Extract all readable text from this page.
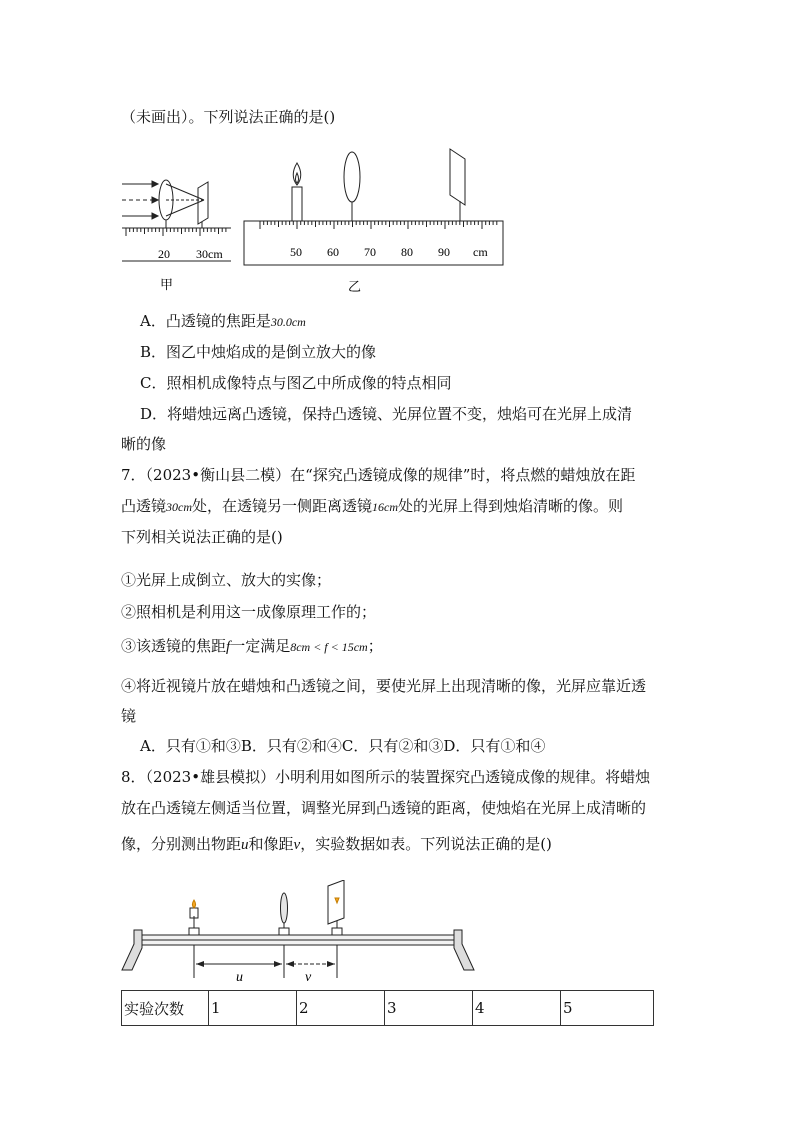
（未画出）。下列说法正确的是()
20 30cm
甲
50 60 70 80 90 cm
乙
A．凸透镜的焦距是30.0cm
B．图乙中烛焰成的是倒立放大的像
C．照相机成像特点与图乙中所成像的特点相同
D．将蜡烛远离凸透镜，保持凸透镜、光屏位置不变，烛焰可在光屏上成清
晰的像
7．（2023•衡山县二模）在“探究凸透镜成像的规律”时，将点燃的蜡烛放在距
凸透镜30cm处，在透镜另一侧距离透镜16cm处的光屏上得到烛焰清晰的像。则
下列相关说法正确的是()
①光屏上成倒立、放大的实像；
②照相机是利用这一成像原理工作的；
③该透镜的焦距f一定满足8cm < f < 15cm；
④将近视镜片放在蜡烛和凸透镜之间，要使光屏上出现清晰的像，光屏应靠近透
镜
A．只有①和③B．只有②和④C．只有②和③D．只有①和④
8．（2023•雄县模拟）小明利用如图所示的装置探究凸透镜成像的规律。将蜡烛
放在凸透镜左侧适当位置，调整光屏到凸透镜的距离，使烛焰在光屏上成清晰的
像，分别测出物距u和像距v，实验数据如表。下列说法正确的是()
u	v
实验次数	1	2	3	4	5
